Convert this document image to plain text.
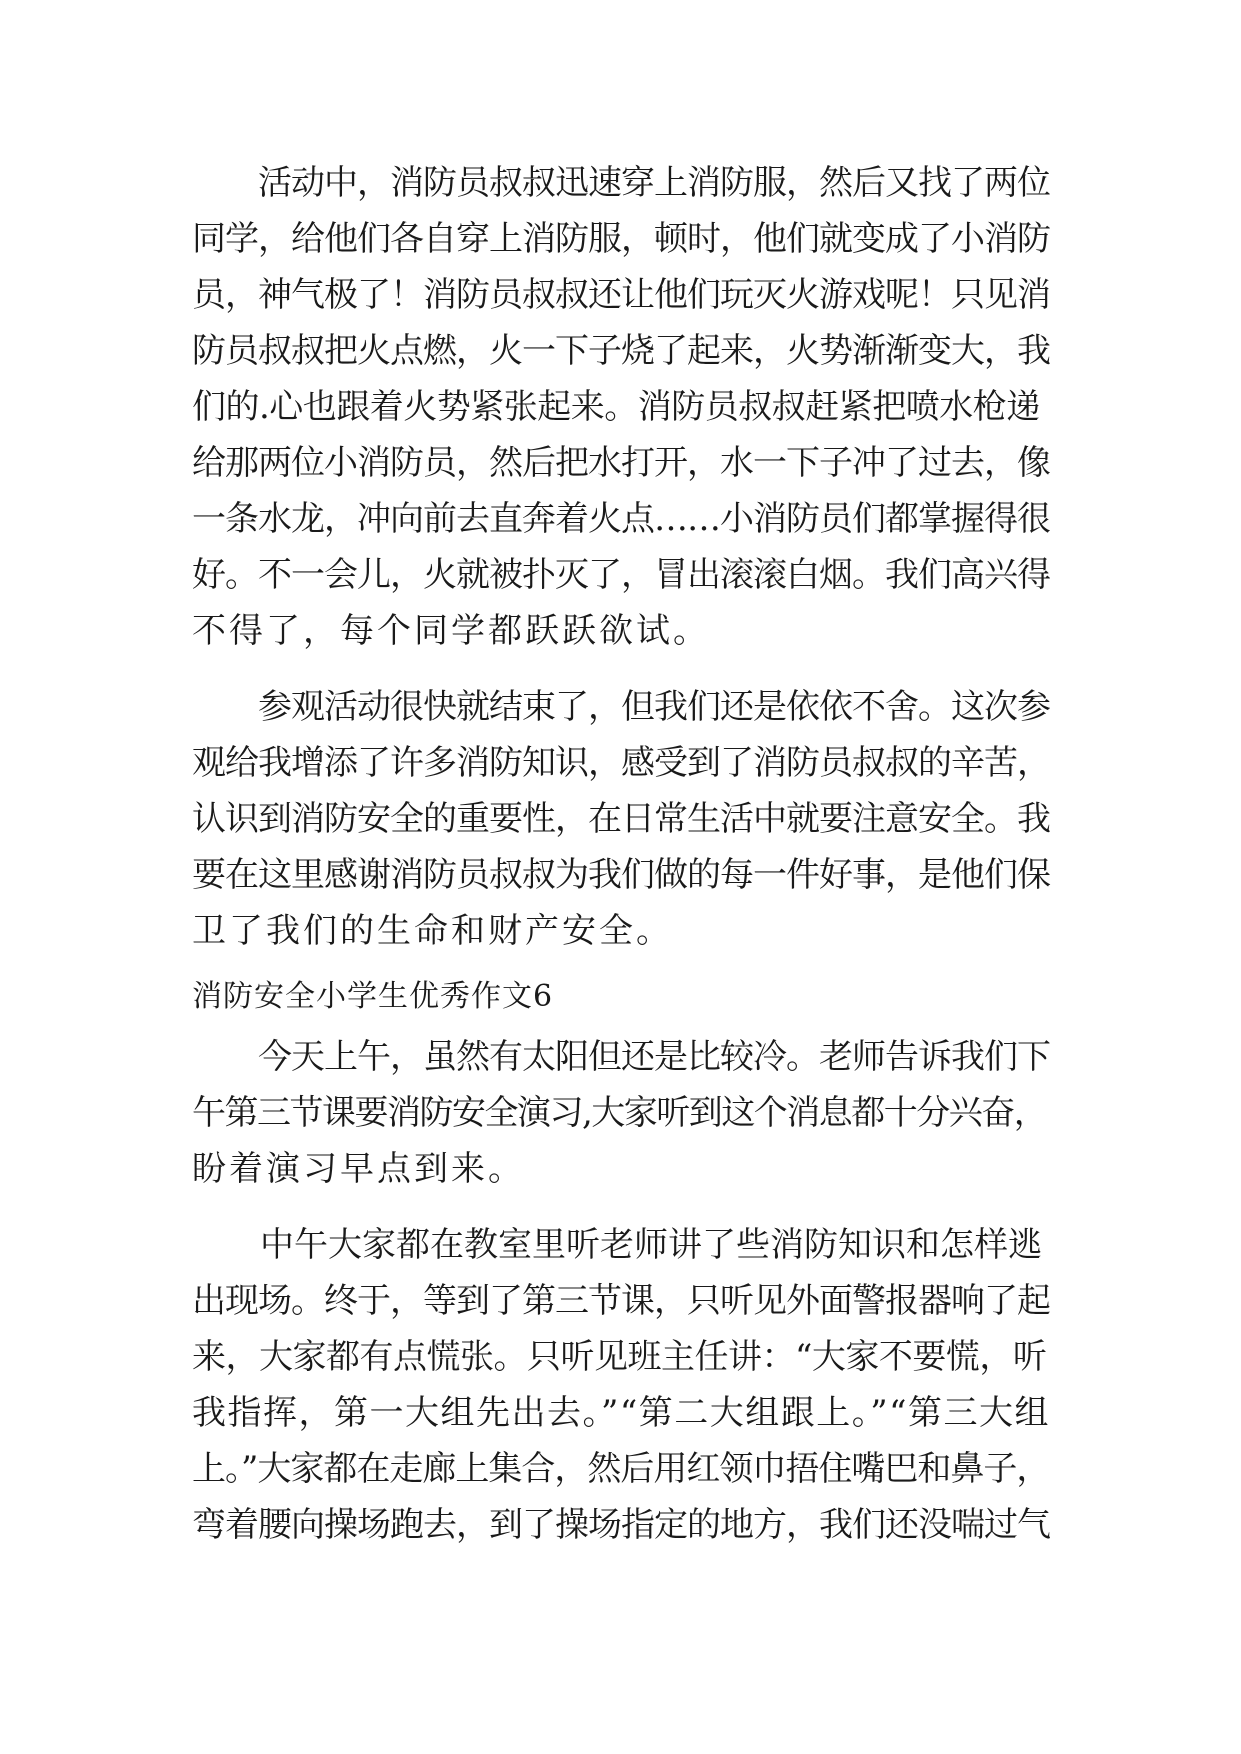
　　活动中，消防员叔叔迅速穿上消防服，然后又找了两位
同学，给他们各自穿上消防服，顿时，他们就变成了小消防
员，神气极了！消防员叔叔还让他们玩灭火游戏呢！只见消
防员叔叔把火点燃，火一下子烧了起来，火势渐渐变大，我
们的.心也跟着火势紧张起来。消防员叔叔赶紧把喷水枪递
给那两位小消防员，然后把水打开，水一下子冲了过去，像
一条水龙，冲向前去直奔着火点……小消防员们都掌握得很
好。不一会儿，火就被扑灭了，冒出滚滚白烟。我们高兴得
不得了，每个同学都跃跃欲试。
　　参观活动很快就结束了，但我们还是依依不舍。这次参
观给我增添了许多消防知识，感受到了消防员叔叔的辛苦，
认识到消防安全的重要性，在日常生活中就要注意安全。我
要在这里感谢消防员叔叔为我们做的每一件好事，是他们保
卫了我们的生命和财产安全。
消防安全小学生优秀作文6
　　今天上午，虽然有太阳但还是比较冷。老师告诉我们下
午第三节课要消防安全演习,大家听到这个消息都十分兴奋，
盼着演习早点到来。
　　中午大家都在教室里听老师讲了些消防知识和怎样逃
出现场。终于，等到了第三节课，只听见外面警报器响了起
来，大家都有点慌张。只听见班主任讲：“大家不要慌，听
我指挥，第一大组先出去。”“第二大组跟上。”“第三大组
上。”大家都在走廊上集合，然后用红领巾捂住嘴巴和鼻子，
弯着腰向操场跑去，到了操场指定的地方，我们还没喘过气
